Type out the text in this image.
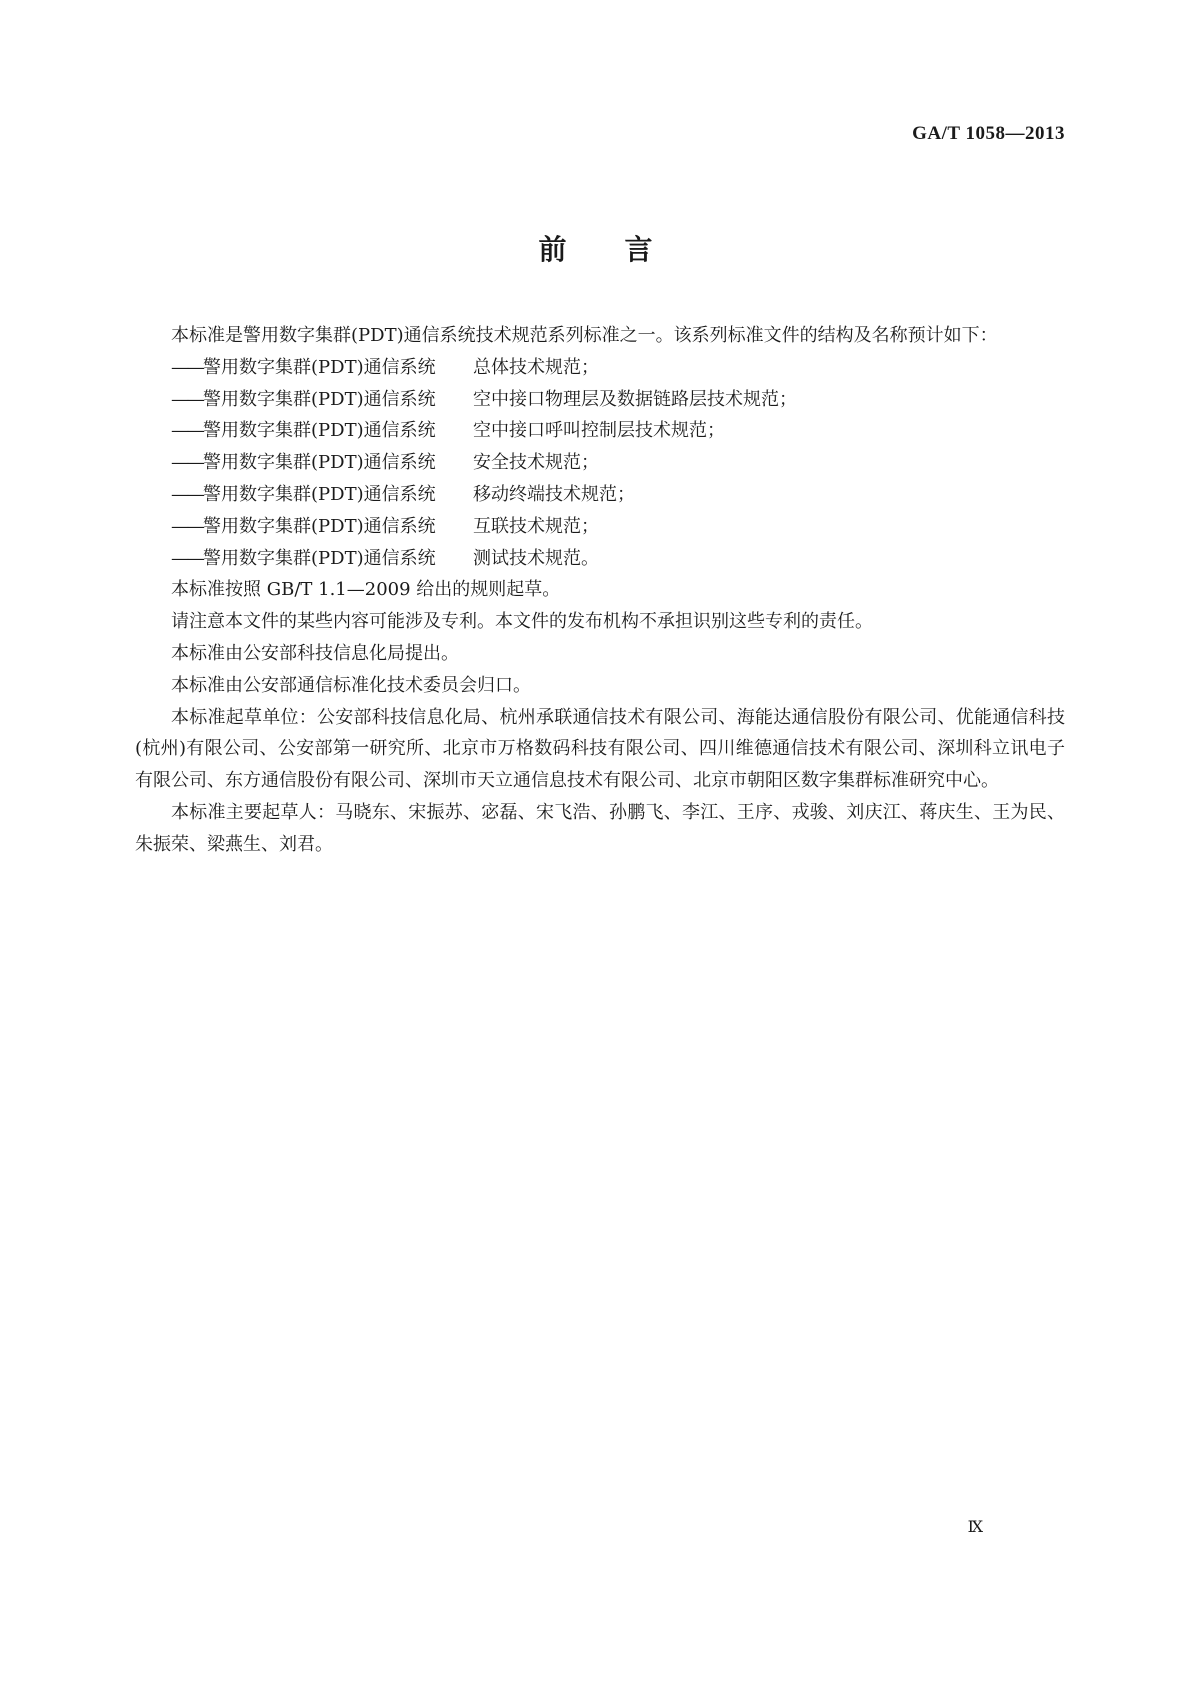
GA/T 1058—2013
前言

本标准是警用数字集群(PDT)通信系统技术规范系列标准之一。该系列标准文件的结构及名称预计如下：

——警用数字集群(PDT)通信系统 总体技术规范；
——警用数字集群(PDT)通信系统 空中接口物理层及数据链路层技术规范；
——警用数字集群(PDT)通信系统 空中接口呼叫控制层技术规范；
——警用数字集群(PDT)通信系统 安全技术规范；
——警用数字集群(PDT)通信系统 移动终端技术规范；
——警用数字集群(PDT)通信系统 互联技术规范；
——警用数字集群(PDT)通信系统 测试技术规范。

本标准按照 GB/T 1.1—2009 给出的规则起草。

请注意本文件的某些内容可能涉及专利。本文件的发布机构不承担识别这些专利的责任。

本标准由公安部科技信息化局提出。

本标准由公安部通信标准化技术委员会归口。

本标准起草单位：公安部科技信息化局、杭州承联通信技术有限公司、海能达通信股份有限公司、优能通信科技(杭州)有限公司、公安部第一研究所、北京市万格数码科技有限公司、四川维德通信技术有限公司、深圳科立讯电子有限公司、东方通信股份有限公司、深圳市天立通信息技术有限公司、北京市朝阳区数字集群标准研究中心。

本标准主要起草人：马晓东、宋振苏、宓磊、宋飞浩、孙鹏飞、李江、王序、戎骏、刘庆江、蒋庆生、王为民、朱振荣、梁燕生、刘君。

Ⅸ
